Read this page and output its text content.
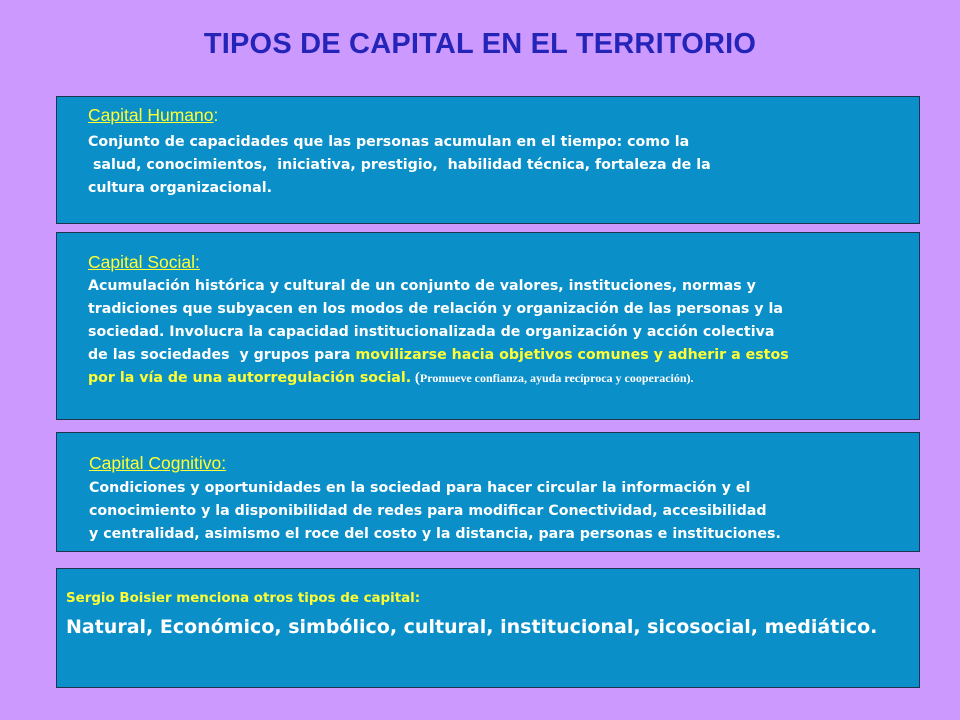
TIPOS DE CAPITAL EN EL TERRITORIO
Capital Humano:
Conjunto de capacidades que las personas acumulan en el tiempo: como la
salud, conocimientos,  iniciativa, prestigio,  habilidad técnica, fortaleza de la
cultura organizacional.
Capital Social:
Acumulación histórica y cultural de un conjunto de valores, instituciones, normas y
tradiciones que subyacen en los modos de relación y organización de las personas y la
sociedad. Involucra la capacidad institucionalizada de organización y acción colectiva
de las sociedades  y grupos para movilizarse hacia objetivos comunes y adherir a estos
por la vía de una autorregulación social. (Promueve confianza, ayuda recíproca y cooperación).
Capital Cognitivo:
Condiciones y oportunidades en la sociedad para hacer circular la información y el
conocimiento y la disponibilidad de redes para modificar Conectividad, accesibilidad
y centralidad, asimismo el roce del costo y la distancia, para personas e instituciones.
Sergio Boisier menciona otros tipos de capital:
Natural, Económico, simbólico, cultural, institucional, sicosocial, mediático.
